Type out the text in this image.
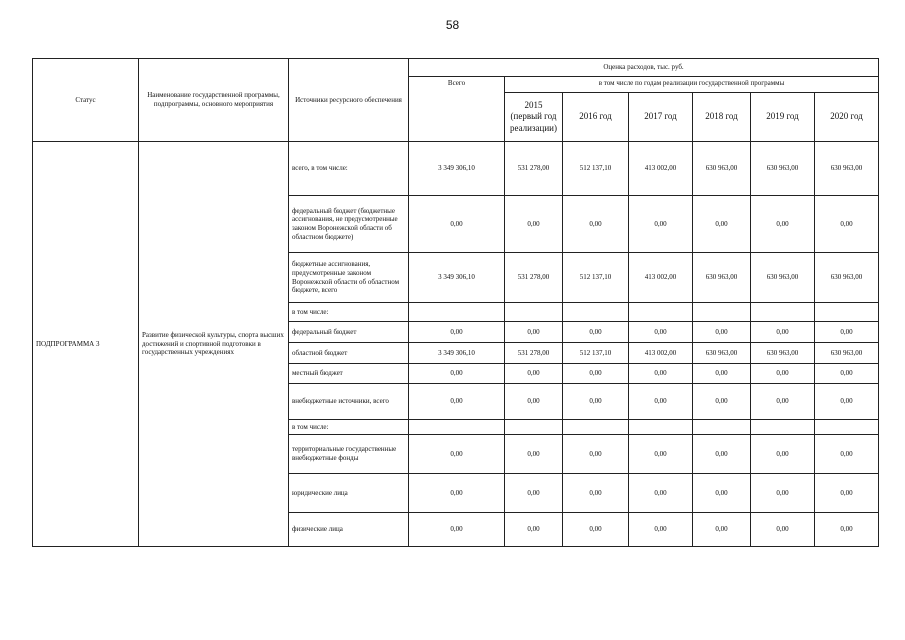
58
Статус	Наименование государственной программы, подпрограммы, основного мероприятия	Источники ресурсного обеспечения	Оценка расходов, тыс. руб.						
			Всего	в том числе по годам реализации государственной программы					
				2015 (первый год реализации)	2016 год	2017 год	2018 год	2019 год	2020 год
ПОДПРОГРАММА 3	Развитие физической культуры, спорта высших достижений и спортивной подготовки в государственных учреждениях	всего, в том числе:	3 349 306,10	531 278,00	512 137,10	413 002,00	630 963,00	630 963,00	630 963,00
		федеральный бюджет (бюджетные ассигнования, не предусмотренные законом Воронежской области об областном бюджете)	0,00	0,00	0,00	0,00	0,00	0,00	0,00
		бюджетные ассигнования, предусмотренные законом Воронежской области об областном бюджете, всего	3 349 306,10	531 278,00	512 137,10	413 002,00	630 963,00	630 963,00	630 963,00
		в том числе:							
		федеральный бюджет	0,00	0,00	0,00	0,00	0,00	0,00	0,00
		областной бюджет	3 349 306,10	531 278,00	512 137,10	413 002,00	630 963,00	630 963,00	630 963,00
		местный бюджет	0,00	0,00	0,00	0,00	0,00	0,00	0,00
		внебюджетные источники, всего	0,00	0,00	0,00	0,00	0,00	0,00	0,00
		в том числе:							
		территориальные государственные внебюджетные фонды	0,00	0,00	0,00	0,00	0,00	0,00	0,00
		юридические лица	0,00	0,00	0,00	0,00	0,00	0,00	0,00
		физические лица	0,00	0,00	0,00	0,00	0,00	0,00	0,00
